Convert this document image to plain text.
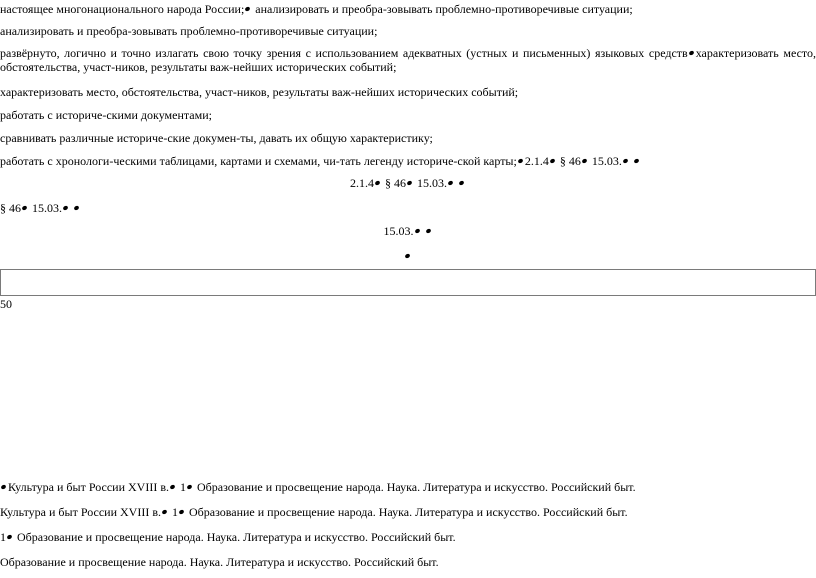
настоящее многонационального народа России; анализировать и преобра-зовывать проблемно-противоречивые ситуации;
анализировать и преобра-зовывать проблемно-противоречивые ситуации;
развёрнуто, логично и точно излагать свою точку зрения с использованием адекватных (устных и письменных) языковых средств характеризовать место, обстоятельства, участ-ников, результаты важ-нейших исторических событий;
характеризовать место, обстоятельства, участ-ников, результаты важ-нейших исторических событий;
работать с историче-скими документами;
сравнивать различные историче-ские докумен-ты, давать их общую характеристику;
работать с хронологи-ческими таблицами, картами и схемами, чи-тать легенду историче-ской карты; 2.1.4 § 46 15.03.
2.1.4 § 46 15.03.
§ 46 15.03.
15.03.
50
Культура и быт России XVIII в. 1 Образование и просвещение народа. Наука. Литература и искусство. Российский быт.
Культура и быт России XVIII в. 1 Образование и просвещение народа. Наука. Литература и искусство. Российский быт.
1 Образование и просвещение народа. Наука. Литература и искусство. Российский быт.
Образование и просвещение народа. Наука. Литература и искусство. Российский быт.
